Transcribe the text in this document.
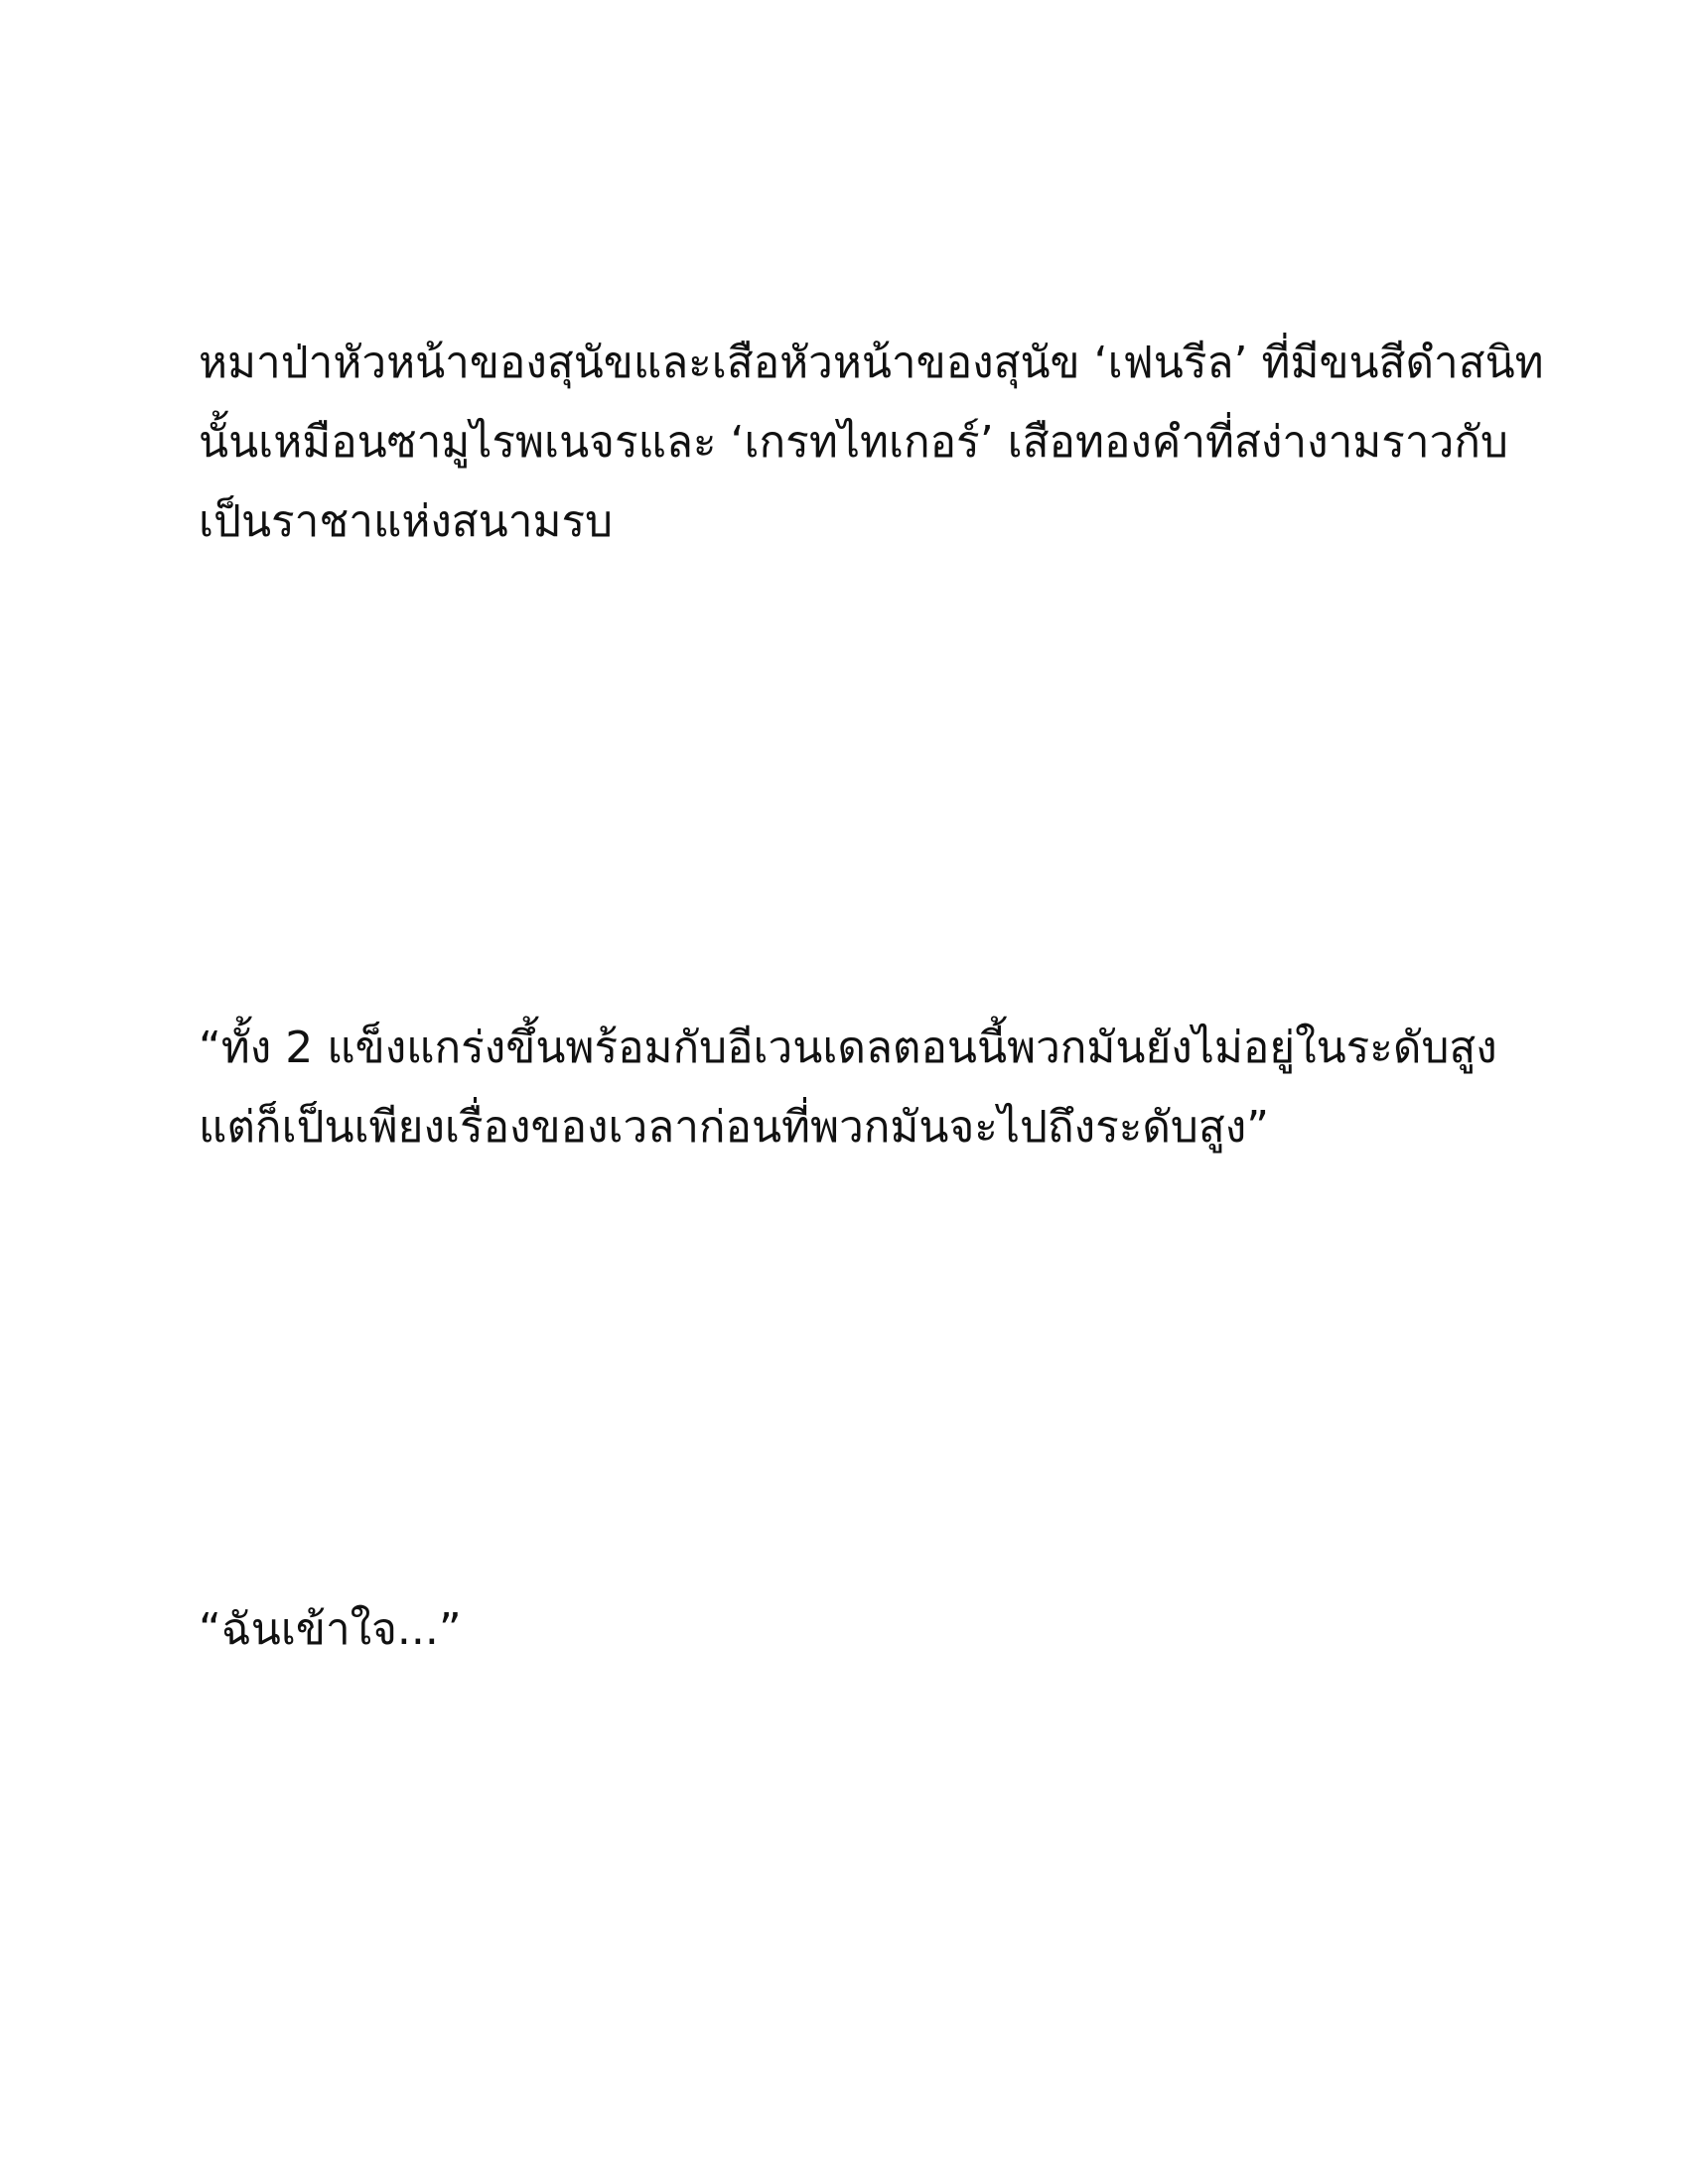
หมาป่าหัวหน้าของสุนัขและเสือหัวหน้าของสุนัข ‘เฟนรีล’ ที่มีขนสีดำสนิท
นั้นเหมือนซามูไรพเนจรและ ‘เกรทไทเกอร์’ เสือทองคำที่สง่างามราวกับ
เป็นราชาแห่งสนามรบ
“ทั้ง 2 แข็งแกร่งขึ้นพร้อมกับอีเวนเดลตอนนี้พวกมันยังไม่อยู่ในระดับสูง
แต่ก็เป็นเพียงเรื่องของเวลาก่อนที่พวกมันจะไปถึงระดับสูง”
“ฉันเข้าใจ...”
